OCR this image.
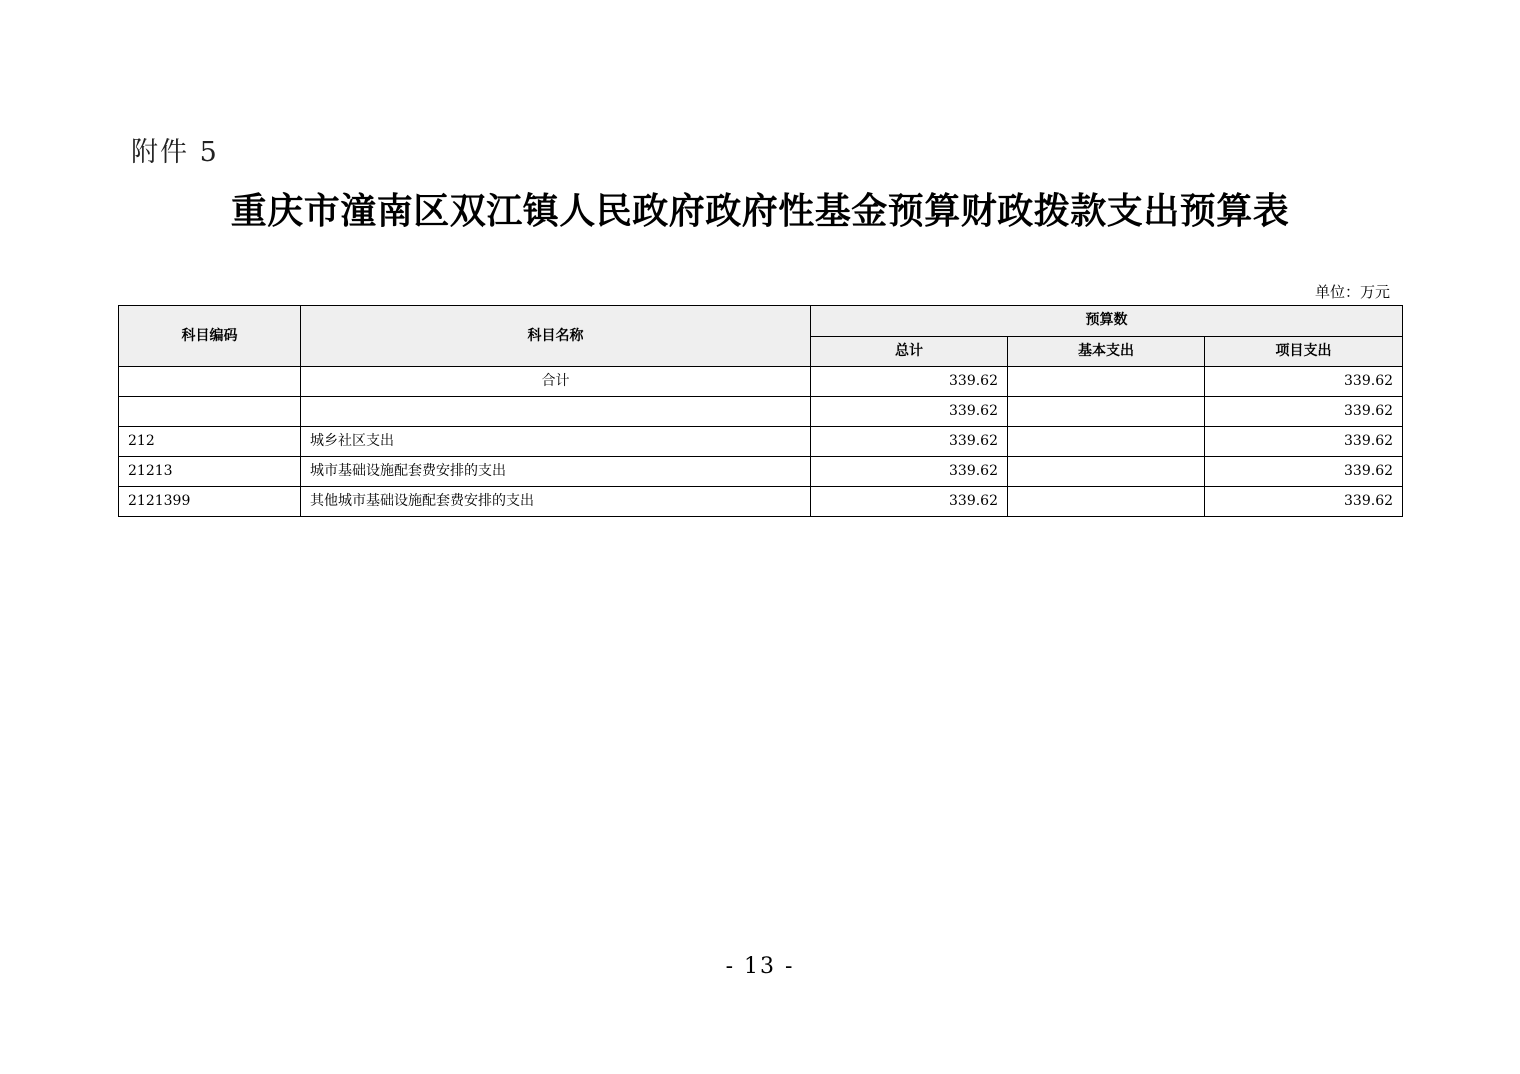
附件 5
重庆市潼南区双江镇人民政府政府性基金预算财政拨款支出预算表
单位：万元
科目编码	科目名称	预算数		
		总计	基本支出	项目支出
	合计	339.62		339.62
		339.62		339.62
212	城乡社区支出	339.62		339.62
21213	城市基础设施配套费安排的支出	339.62		339.62
2121399	其他城市基础设施配套费安排的支出	339.62		339.62
- 13 -
